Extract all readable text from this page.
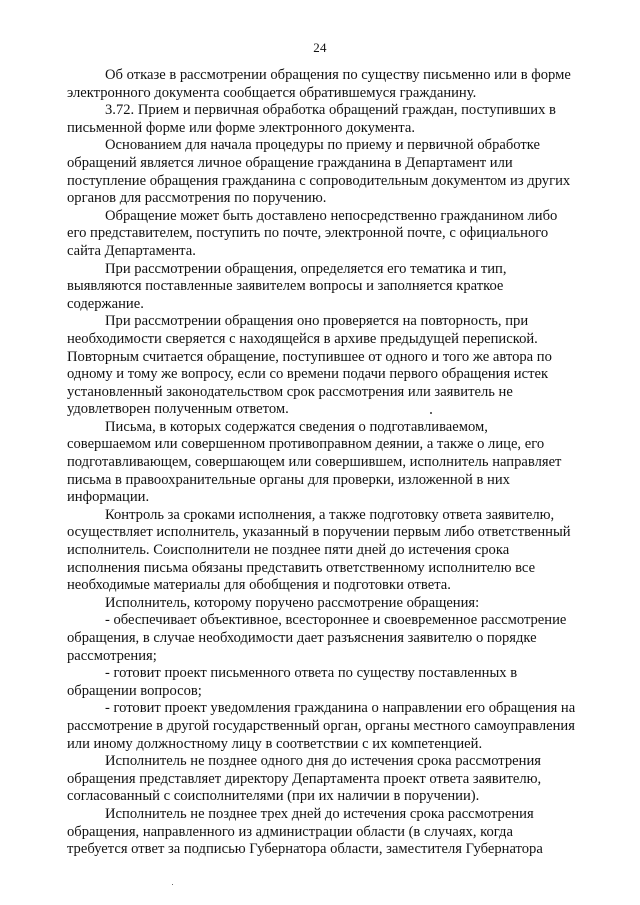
24

Об отказе в рассмотрении обращения по существу письменно или в форме
электронного документа сообщается обратившемуся гражданину.

3.72. Прием и первичная обработка обращений граждан, поступивших в
письменной форме или форме электронного документа.

Основанием для начала процедуры по приему и первичной обработке
обращений является личное обращение гражданина в Департамент или
поступление обращения гражданина с сопроводительным документом из других
органов для рассмотрения по поручению.

Обращение может быть доставлено непосредственно гражданином либо
его представителем, поступить по почте, электронной почте, с официального
сайта Департамента.

При рассмотрении обращения, определяется его тематика и тип,
выявляются поставленные заявителем вопросы и заполняется краткое
содержание.

При рассмотрении обращения оно проверяется на повторность, при
необходимости сверяется с находящейся в архиве предыдущей перепиской.
Повторным считается обращение, поступившее от одного и того же автора по
одному и тому же вопросу, если со времени подачи первого обращения истек
установленный законодательством срок рассмотрения или заявитель не
удовлетворен полученным ответом.

Письма, в которых содержатся сведения о подготавливаемом,
совершаемом или совершенном противоправном деянии, а также о лице, его
подготавливающем, совершающем или совершившем, исполнитель направляет
письма в правоохранительные органы для проверки, изложенной в них
информации.

Контроль за сроками исполнения, а также подготовку ответа заявителю,
осуществляет исполнитель, указанный в поручении первым либо ответственный
исполнитель. Соисполнители не позднее пяти дней до истечения срока
исполнения письма обязаны представить ответственному исполнителю все
необходимые материалы для обобщения и подготовки ответа.

Исполнитель, которому поручено рассмотрение обращения:

- обеспечивает объективное, всестороннее и своевременное рассмотрение
обращения, в случае необходимости дает разъяснения заявителю о порядке
рассмотрения;

- готовит проект письменного ответа по существу поставленных в
обращении вопросов;

- готовит проект уведомления гражданина о направлении его обращения на
рассмотрение в другой государственный орган, органы местного самоуправления
или иному должностному лицу в соответствии с их компетенцией.

Исполнитель не позднее одного дня до истечения срока рассмотрения
обращения представляет директору Департамента проект ответа заявителю,
согласованный с соисполнителями (при их наличии в поручении).

Исполнитель не позднее трех дней до истечения срока рассмотрения
обращения, направленного из администрации области (в случаях, когда
требуется ответ за подписью Губернатора области, заместителя Губернатора
